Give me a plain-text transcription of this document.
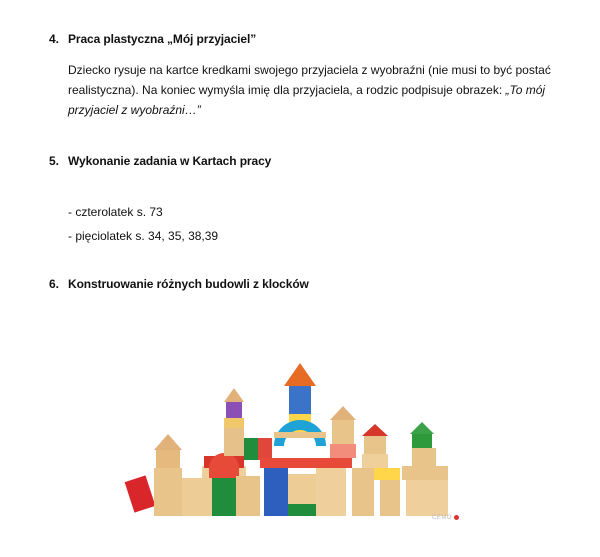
4. Praca plastyczna „Mój przyjaciel”
Dziecko rysuje na kartce kredkami swojego przyjaciela z wyobraźni (nie musi to być postać realistyczna). Na koniec wymyśla imię dla przyjaciela, a rodzic podpisuje obrazek: „To mój przyjaciel z wyobraźni…”
5. Wykonanie zadania w Kartach pracy
- czterolatek s. 73
- pięciolatek s. 34, 35, 38,39
6. Konstruowanie różnych budowli z klocków
CEMO
